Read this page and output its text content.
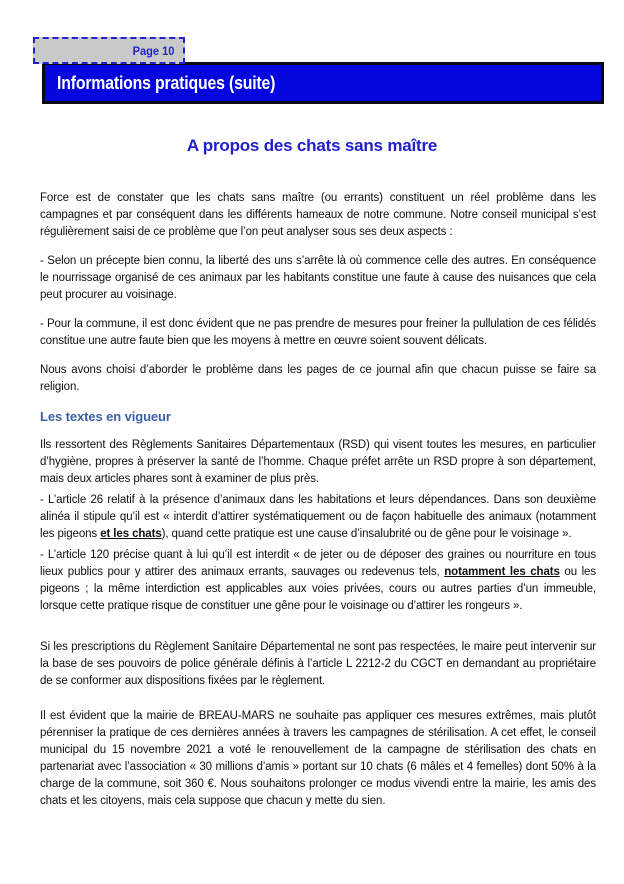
Page 10
Informations pratiques (suite)
A propos des chats sans maître

Force est de constater que les chats sans maître (ou errants) constituent un réel problème dans les campagnes et par conséquent dans les différents hameaux de notre commune. Notre conseil municipal s’est régulièrement saisi de ce problème que l’on peut analyser sous ses deux aspects :

- Selon un précepte bien connu, la liberté des uns s’arrête là où commence celle des autres. En conséquence le nourrissage organisé de ces animaux par les habitants constitue une faute à cause des nuisances que cela peut procurer au voisinage.

- Pour la commune, il est donc évident que ne pas prendre de mesures pour freiner la pullulation de ces félidés constitue une autre faute bien que les moyens à mettre en œuvre soient souvent délicats.

Nous avons choisi d’aborder le problème dans les pages de ce journal afin que chacun puisse se faire sa religion.

Les textes en vigueur

Ils ressortent des Règlements Sanitaires Départementaux (RSD) qui visent toutes les mesures, en particulier d’hygiène, propres à préserver la santé de l’homme. Chaque préfet arrête un RSD propre à son département, mais deux articles phares sont à examiner de plus près.

- L’article 26 relatif à la présence d’animaux dans les habitations et leurs dépendances. Dans son deuxième alinéa il stipule qu’il est « interdit d’attirer systématiquement ou de façon habituelle des animaux (notamment les pigeons et les chats), quand cette pratique est une cause d’insalubrité ou de gêne pour le voisinage ».

- L’article 120 précise quant à lui qu’il est interdit « de jeter ou de déposer des graines ou nourriture en tous lieux publics pour y attirer des animaux errants, sauvages ou redevenus tels, notamment les chats ou les pigeons ; la même interdiction est applicables aux voies privées, cours ou autres parties d’un immeuble, lorsque cette pratique risque de constituer une gêne pour le voisinage ou d’attirer les rongeurs ».

Si les prescriptions du Règlement Sanitaire Départemental ne sont pas respectées, le maire peut intervenir sur la base de ses pouvoirs de police générale définis à l’article L 2212-2 du CGCT en demandant au propriétaire de se conformer aux dispositions fixées par le règlement.

Il est évident que la mairie de BREAU-MARS ne souhaite pas appliquer ces mesures extrêmes, mais plutôt pérenniser la pratique de ces dernières années à travers les campagnes de stérilisation. A cet effet, le conseil municipal du 15 novembre 2021 a voté le renouvellement de la campagne de stérilisation des chats en partenariat avec l’association « 30 millions d’amis » portant sur 10 chats (6 mâles et 4 femelles) dont 50% à la charge de la commune, soit 360 €. Nous souhaitons prolonger ce modus vivendi entre la mairie, les amis des chats et les citoyens, mais cela suppose que chacun y mette du sien.
